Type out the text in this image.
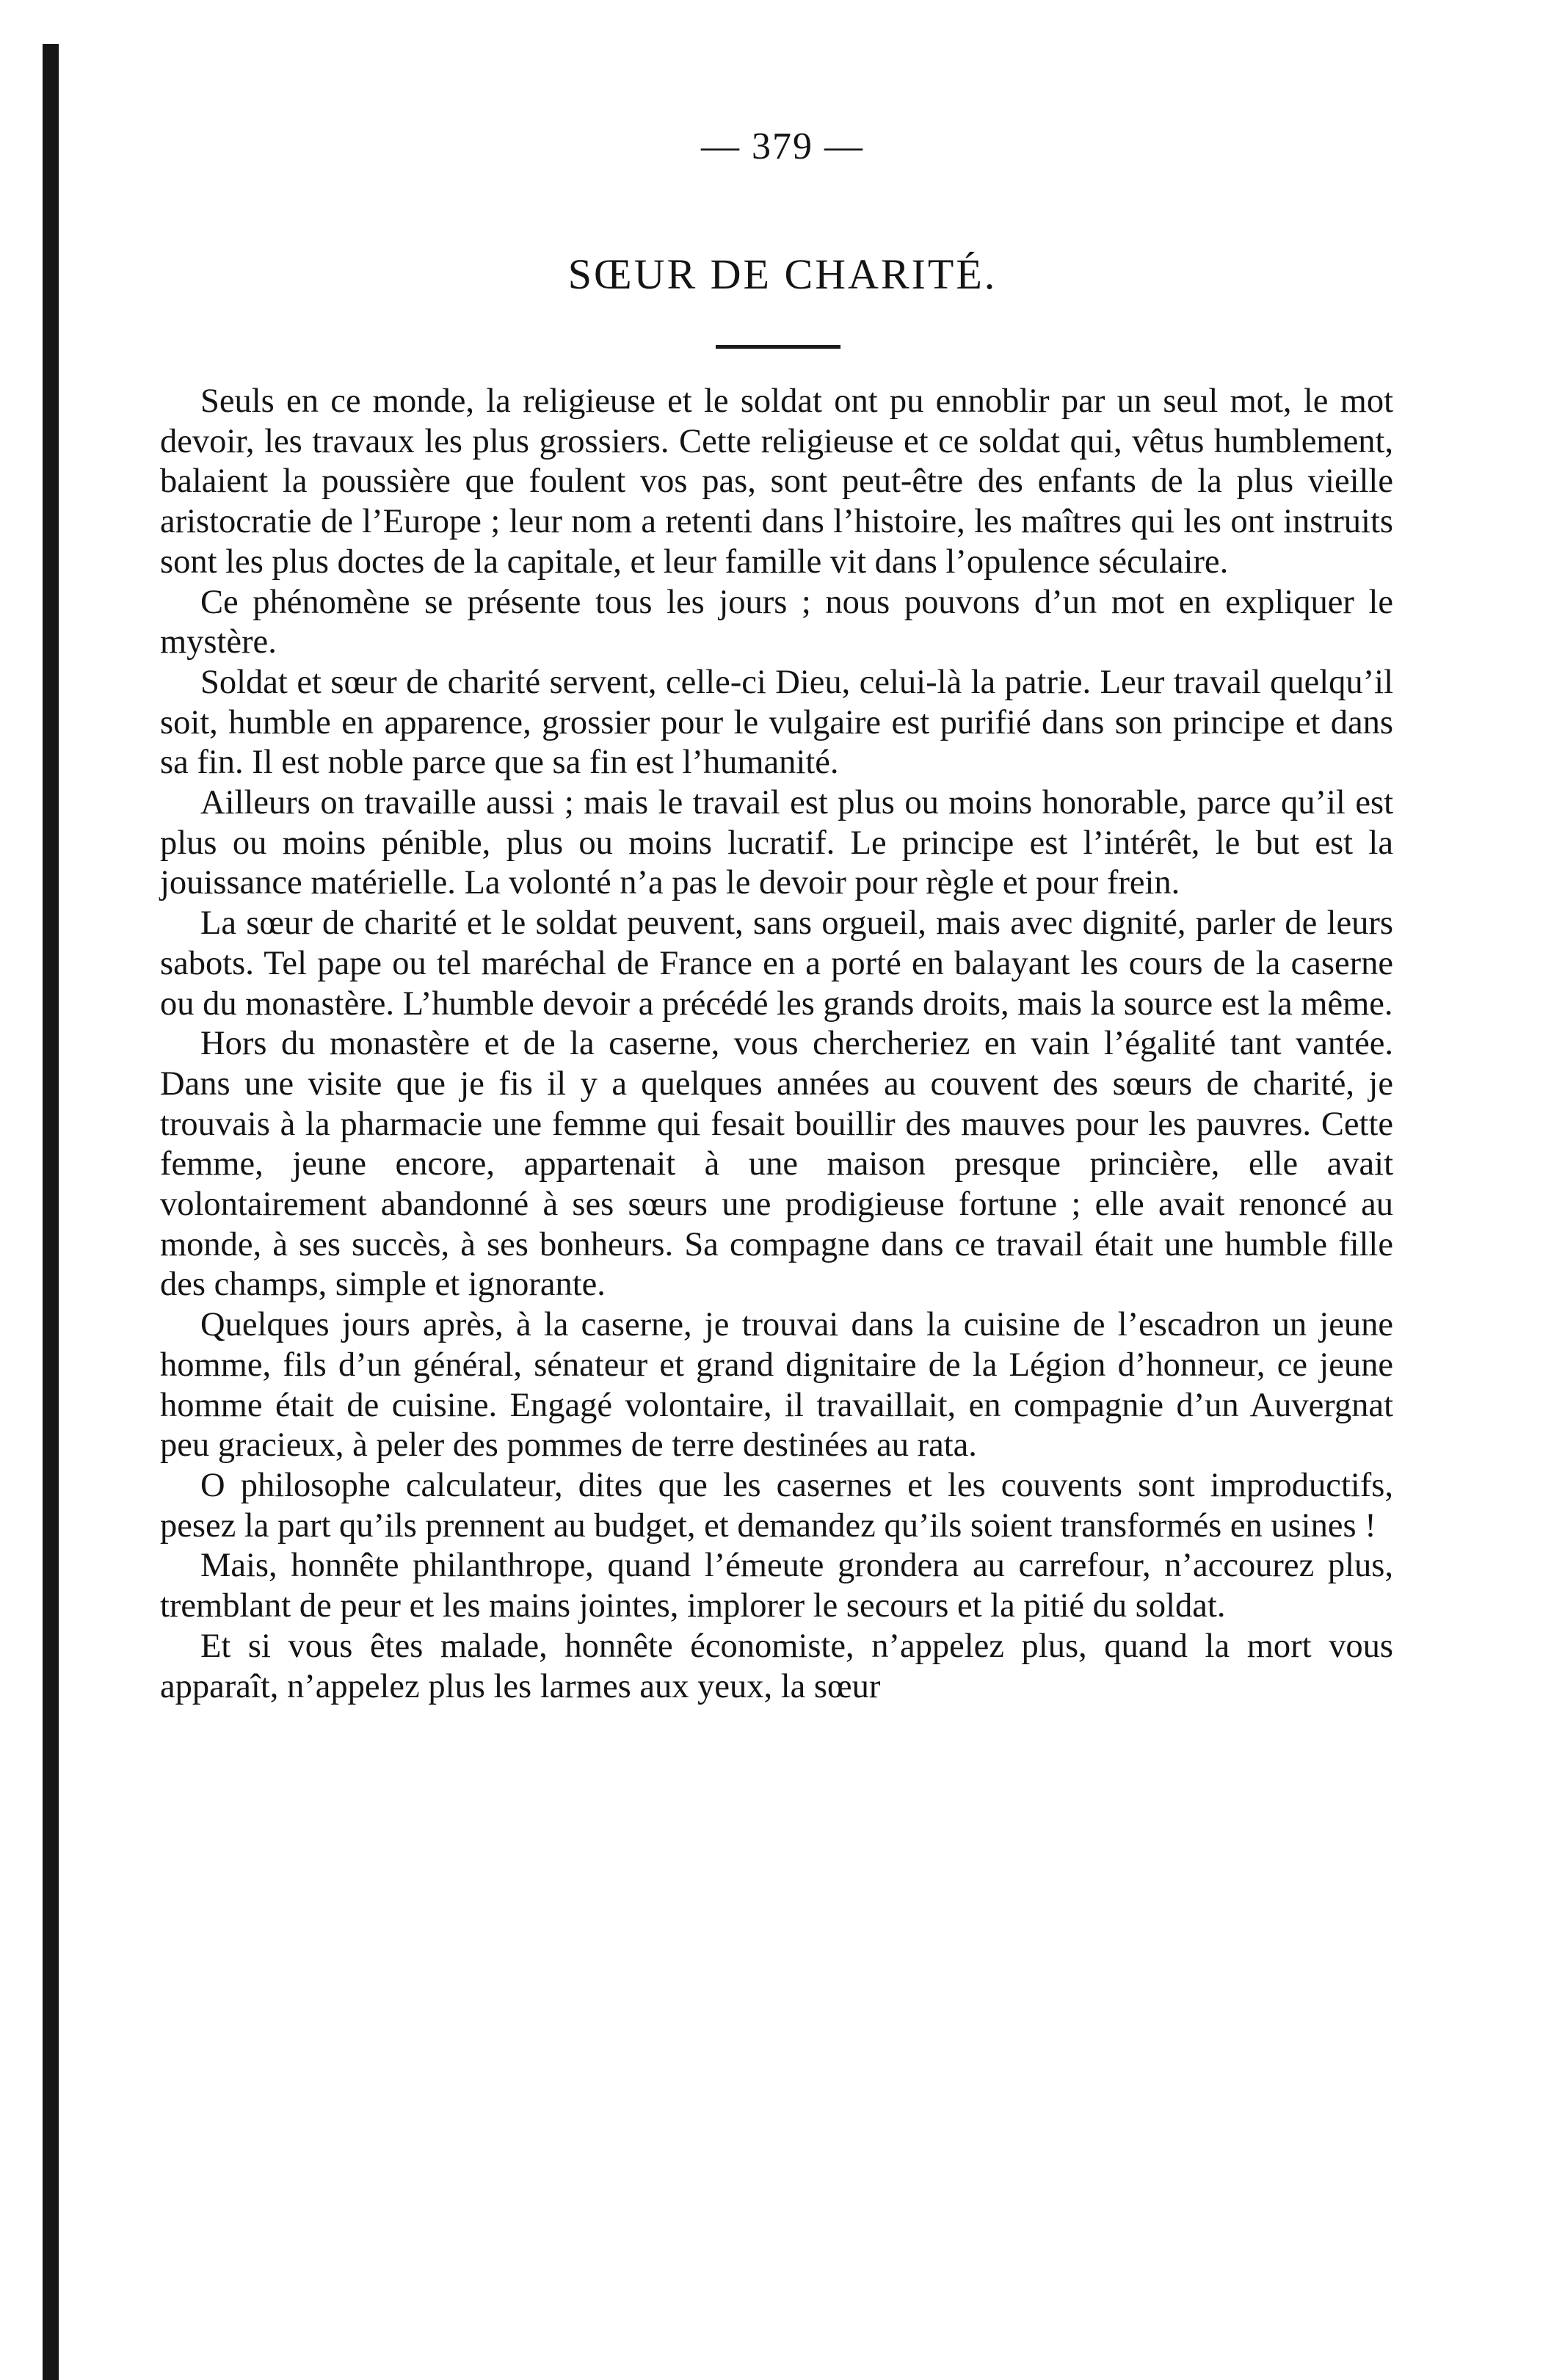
— 379 —
SŒUR DE CHARITÉ.

Seuls en ce monde, la religieuse et le soldat ont pu ennoblir par un seul mot, le mot devoir, les travaux les plus grossiers. Cette religieuse et ce soldat qui, vêtus humblement, balaient la poussière que foulent vos pas, sont peut-être des enfants de la plus vieille aristocratie de l’Europe ; leur nom a retenti dans l’histoire, les maîtres qui les ont instruits sont les plus doctes de la capitale, et leur famille vit dans l’opulence séculaire.

Ce phénomène se présente tous les jours ; nous pouvons d’un mot en expliquer le mystère.

Soldat et sœur de charité servent, celle-ci Dieu, celui-là la patrie. Leur travail quelqu’il soit, humble en apparence, grossier pour le vulgaire est purifié dans son principe et dans sa fin. Il est noble parce que sa fin est l’humanité.

Ailleurs on travaille aussi ; mais le travail est plus ou moins honorable, parce qu’il est plus ou moins pénible, plus ou moins lucratif. Le principe est l’intérêt, le but est la jouissance matérielle. La volonté n’a pas le devoir pour règle et pour frein.

La sœur de charité et le soldat peuvent, sans orgueil, mais avec dignité, parler de leurs sabots. Tel pape ou tel maréchal de France en a porté en balayant les cours de la caserne ou du monastère. L’humble devoir a précédé les grands droits, mais la source est la même.

Hors du monastère et de la caserne, vous chercheriez en vain l’égalité tant vantée. Dans une visite que je fis il y a quelques années au couvent des sœurs de charité, je trouvais à la pharmacie une femme qui fesait bouillir des mauves pour les pauvres. Cette femme, jeune encore, appartenait à une maison presque princière, elle avait volontairement abandonné à ses sœurs une prodigieuse fortune ; elle avait renoncé au monde, à ses succès, à ses bonheurs. Sa compagne dans ce travail était une humble fille des champs, simple et ignorante.

Quelques jours après, à la caserne, je trouvai dans la cuisine de l’escadron un jeune homme, fils d’un général, sénateur et grand dignitaire de la Légion d’honneur, ce jeune homme était de cuisine. Engagé volontaire, il travaillait, en compagnie d’un Auvergnat peu gracieux, à peler des pommes de terre destinées au rata.

O philosophe calculateur, dites que les casernes et les couvents sont improductifs, pesez la part qu’ils prennent au budget, et demandez qu’ils soient transformés en usines !

Mais, honnête philanthrope, quand l’émeute grondera au carrefour, n’accourez plus, tremblant de peur et les mains jointes, implorer le secours et la pitié du soldat.

Et si vous êtes malade, honnête économiste, n’appelez plus, quand la mort vous apparaît, n’appelez plus les larmes aux yeux, la sœur
